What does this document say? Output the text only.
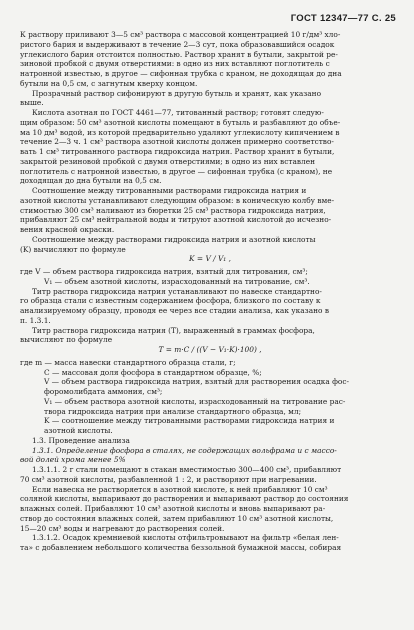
ГОСТ 12347—77 С. 25
К раствору приливают 3—5 см³ раствора с массовой концентрацией 10 г/дм³ хло-
ристого бария и выдерживают в течение 2—3 сут, пока образовавшийся осадок
углекислого бария отстоится полностью. Раствор хранят в бутыли, закрытой ре-
зиновой пробкой с двумя отверстиями: в одно из них вставляют поглотитель с
натронной известью, в другое — сифонная трубка с краном, не доходящая до дна
бутыли на 0,5 см, с загнутым кверху концом.
Прозрачный раствор сифонируют в другую бутыль и хранят, как указано
выше.
Кислота азотная по ГОСТ 4461—77, титованный раствор; готовят следую-
щим образом: 50 см³ азотной кислоты помещают в бутыль и разбавляют до объе-
ма 10 дм³ водой, из которой предварительно удаляют углекислоту кипячением в
течение 2—3 ч. 1 см³ раствора азотной кислоты должен примерно соответство-
вать 1 см³ титрованного раствора гидроксида натрия. Раствор хранят в бутыли,
закрытой резиновой пробкой с двумя отверстиями; в одно из них вставлен
поглотитель с натронной известью, в другое — сифонная трубка (с краном), не
доходящая до дна бутыли на 0,5 см.
Соотношение между титрованными растворами гидроксида натрия и
азотной кислоты устанавливают следующим образом: в коническую колбу вме-
стимостью 300 см³ наливают из бюретки 25 см³ раствора гидроксида натрия,
прибавляют 25 см³ нейтральной воды и титруют азотной кислотой до исчезно-
вения красной окраски.
Соотношение между растворами гидроксида натрия и азотной кислоты
(K) вычисляют по формуле
K = V / V₁ ,
где V — объем раствора гидроксида натрия, взятый для титрования, см³;
V₁ — объем азотной кислоты, израсходованный на титрование, см³.
Титр раствора гидроксида натрия устанавливают по навеске стандартно-
го образца стали с известным содержанием фосфора, близкого по составу к
анализируемому образцу, проводя ее через все стадии анализа, как указано в
п. 1.3.1.
Титр раствора гидроксида натрия (T), выраженный в граммах фосфора,
вычисляют по формуле
T = m·C / ((V − V₁·K)·100) ,
где m — масса навески стандартного образца стали, г;
C — массовая доля фосфора в стандартном образце, %;
V — объем раствора гидроксида натрия, взятый для растворения осадка фос-
форомолибдата аммония, см³;
V₁ — объем раствора азотной кислоты, израсходованный на титрование рас-
твора гидроксида натрия при анализе стандартного образца, мл;
K — соотношение между титрованными растворами гидроксида натрия и
азотной кислоты.
1.3. Проведение анализа
1.3.1. Определение фосфора в сталях, не содержащих вольфрама и с массо-
вой долей хрома менее 5%
1.3.1.1. 2 г стали помещают в стакан вместимостью 300—400 см³, прибавляют
70 см³ азотной кислоты, разбавленной 1 : 2, и растворяют при нагревании.
Если навеска не растворяется в азотной кислоте, к ней прибавляют 10 см³
соляной кислоты, выпаривают до растворения и выпаривают раствор до состояния
влажных солей. Прибавляют 10 см³ азотной кислоты и вновь выпаривают ра-
створ до состояния влажных солей, затем прибавляют 10 см³ азотной кислоты,
15—20 см³ воды и нагревают до растворения солей.
1.3.1.2. Осадок кремниевой кислоты отфильтровывают на фильтр «белая лен-
та» с добавлением небольшого количества беззольной бумажной массы, собирая
